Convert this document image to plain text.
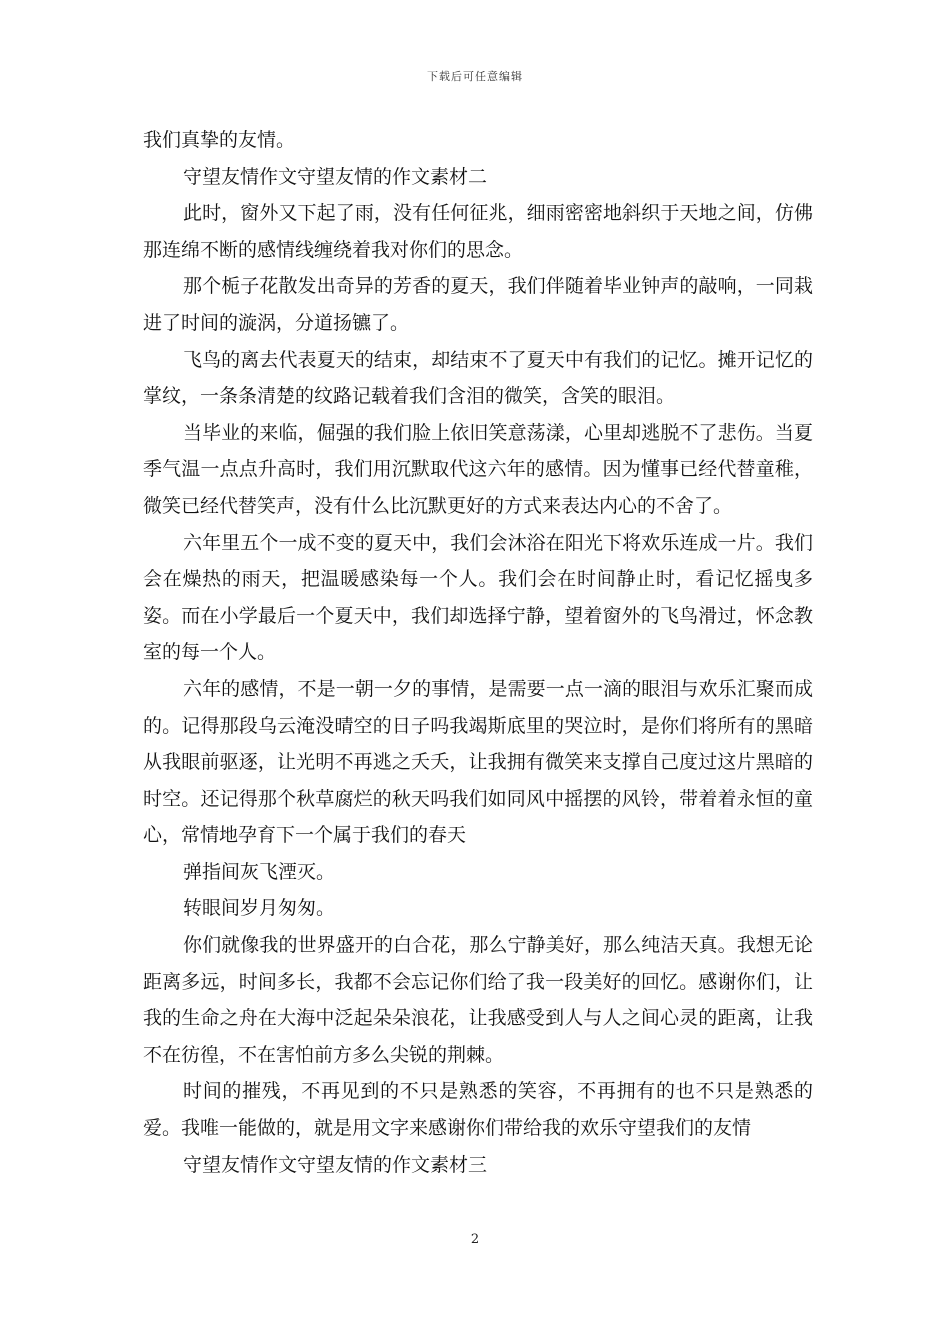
下载后可任意编辑

我们真挚的友情。

守望友情作文守望友情的作文素材二

此时，窗外又下起了雨，没有任何征兆，细雨密密地斜织于天地之间，仿佛那连绵不断的感情线缠绕着我对你们的思念。

那个栀子花散发出奇异的芳香的夏天，我们伴随着毕业钟声的敲响，一同栽进了时间的漩涡，分道扬镳了。

飞鸟的离去代表夏天的结束，却结束不了夏天中有我们的记忆。摊开记忆的掌纹，一条条清楚的纹路记载着我们含泪的微笑，含笑的眼泪。

当毕业的来临，倔强的我们脸上依旧笑意荡漾，心里却逃脱不了悲伤。当夏季气温一点点升高时，我们用沉默取代这六年的感情。因为懂事已经代替童稚，微笑已经代替笑声，没有什么比沉默更好的方式来表达内心的不舍了。

六年里五个一成不变的夏天中，我们会沐浴在阳光下将欢乐连成一片。我们会在燥热的雨天，把温暖感染每一个人。我们会在时间静止时，看记忆摇曳多姿。而在小学最后一个夏天中，我们却选择宁静，望着窗外的飞鸟滑过，怀念教室的每一个人。

六年的感情，不是一朝一夕的事情，是需要一点一滴的眼泪与欢乐汇聚而成的。记得那段乌云淹没晴空的日子吗我竭斯底里的哭泣时，是你们将所有的黑暗从我眼前驱逐，让光明不再逃之夭夭，让我拥有微笑来支撑自己度过这片黑暗的时空。还记得那个秋草腐烂的秋天吗我们如同风中摇摆的风铃，带着着永恒的童心，常情地孕育下一个属于我们的春天

弹指间灰飞湮灭。

转眼间岁月匆匆。

你们就像我的世界盛开的白合花，那么宁静美好，那么纯洁天真。我想无论距离多远，时间多长，我都不会忘记你们给了我一段美好的回忆。感谢你们，让我的生命之舟在大海中泛起朵朵浪花，让我感受到人与人之间心灵的距离，让我不在彷徨，不在害怕前方多么尖锐的荆棘。

时间的摧残，不再见到的不只是熟悉的笑容，不再拥有的也不只是熟悉的爱。我唯一能做的，就是用文字来感谢你们带给我的欢乐守望我们的友情

守望友情作文守望友情的作文素材三

2
